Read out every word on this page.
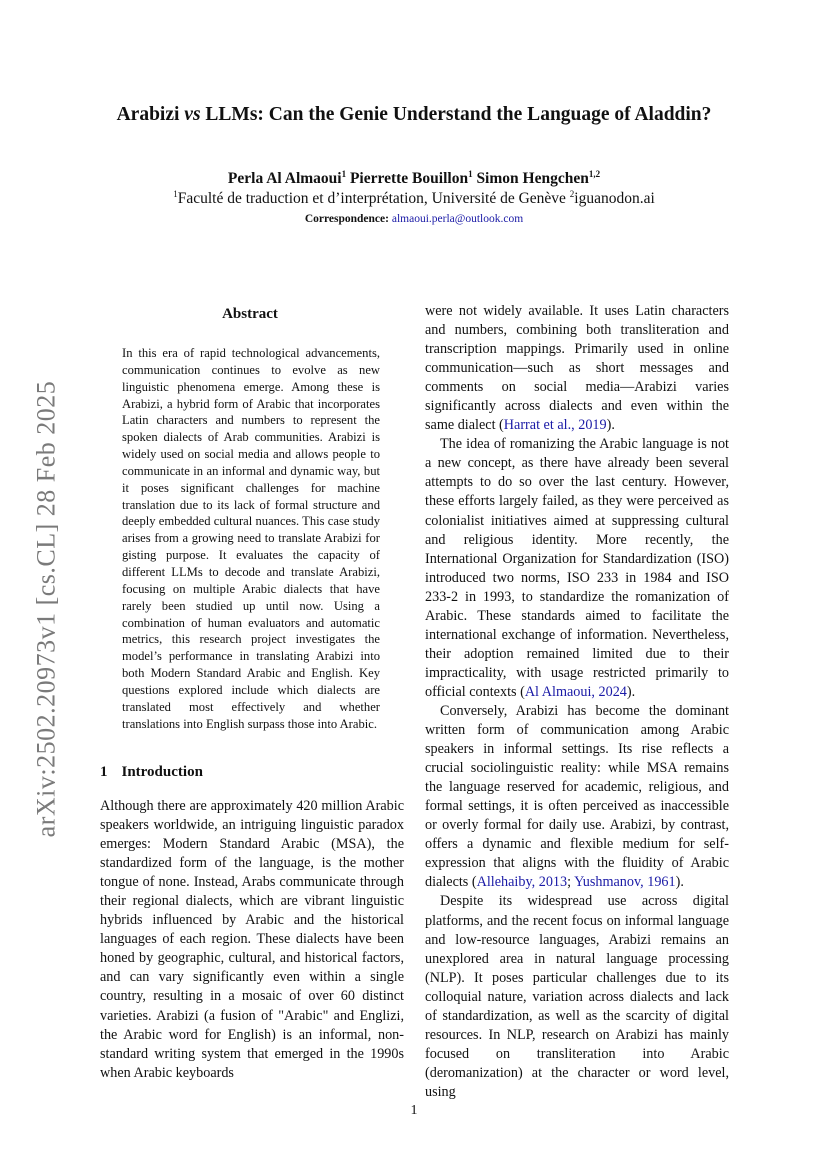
arXiv:2502.20973v1 [cs.CL] 28 Feb 2025
Arabizi vs LLMs: Can the Genie Understand the Language of Aladdin?
Perla Al Almaoui$^1$ Pierrette Bouillon$^1$ Simon Hengchen$^{1,2}$
$^1$Faculté de traduction et d’interprétation, Université de Genève $^2$iguanodon.ai
Correspondence: almaoui.perla@outlook.com
Abstract
In this era of rapid technological advancements, communication continues to evolve as new linguistic phenomena emerge. Among these is Arabizi, a hybrid form of Arabic that incorporates Latin characters and numbers to represent the spoken dialects of Arab communities. Arabizi is widely used on social media and allows people to communicate in an informal and dynamic way, but it poses significant challenges for machine translation due to its lack of formal structure and deeply embedded cultural nuances. This case study arises from a growing need to translate Arabizi for gisting purpose. It evaluates the capacity of different LLMs to decode and translate Arabizi, focusing on multiple Arabic dialects that have rarely been studied up until now. Using a combination of human evaluators and automatic metrics, this research project investigates the model’s performance in translating Arabizi into both Modern Standard Arabic and English. Key questions explored include which dialects are translated most effectively and whether translations into English surpass those into Arabic.
1 Introduction
Although there are approximately 420 million Arabic speakers worldwide, an intriguing linguistic paradox emerges: Modern Standard Arabic (MSA), the standardized form of the language, is the mother tongue of none. Instead, Arabs communicate through their regional dialects, which are vibrant linguistic hybrids influenced by Arabic and the historical languages of each region. These dialects have been honed by geographic, cultural, and historical factors, and can vary significantly even within a single country, resulting in a mosaic of over 60 distinct varieties. Arabizi (a fusion of "Arabic" and Englizi, the Arabic word for English) is an informal, non-standard writing system that emerged in the 1990s when Arabic keyboards

were not widely available. It uses Latin characters and numbers, combining both transliteration and transcription mappings. Primarily used in online communication—such as short messages and comments on social media—Arabizi varies significantly across dialects and even within the same dialect (Harrat et al., 2019).

The idea of romanizing the Arabic language is not a new concept, as there have already been several attempts to do so over the last century. However, these efforts largely failed, as they were perceived as colonialist initiatives aimed at suppressing cultural and religious identity. More recently, the International Organization for Standardization (ISO) introduced two norms, ISO 233 in 1984 and ISO 233-2 in 1993, to standardize the romanization of Arabic. These standards aimed to facilitate the international exchange of information. Nevertheless, their adoption remained limited due to their impracticality, with usage restricted primarily to official contexts (Al Almaoui, 2024).

Conversely, Arabizi has become the dominant written form of communication among Arabic speakers in informal settings. Its rise reflects a crucial sociolinguistic reality: while MSA remains the language reserved for academic, religious, and formal settings, it is often perceived as inaccessible or overly formal for daily use. Arabizi, by contrast, offers a dynamic and flexible medium for self-expression that aligns with the fluidity of Arabic dialects (Allehaiby, 2013; Yushmanov, 1961).

Despite its widespread use across digital platforms, and the recent focus on informal language and low-resource languages, Arabizi remains an unexplored area in natural language processing (NLP). It poses particular challenges due to its colloquial nature, variation across dialects and lack of standardization, as well as the scarcity of digital resources. In NLP, research on Arabizi has mainly focused on transliteration into Arabic (deromanization) at the character or word level, using

1
